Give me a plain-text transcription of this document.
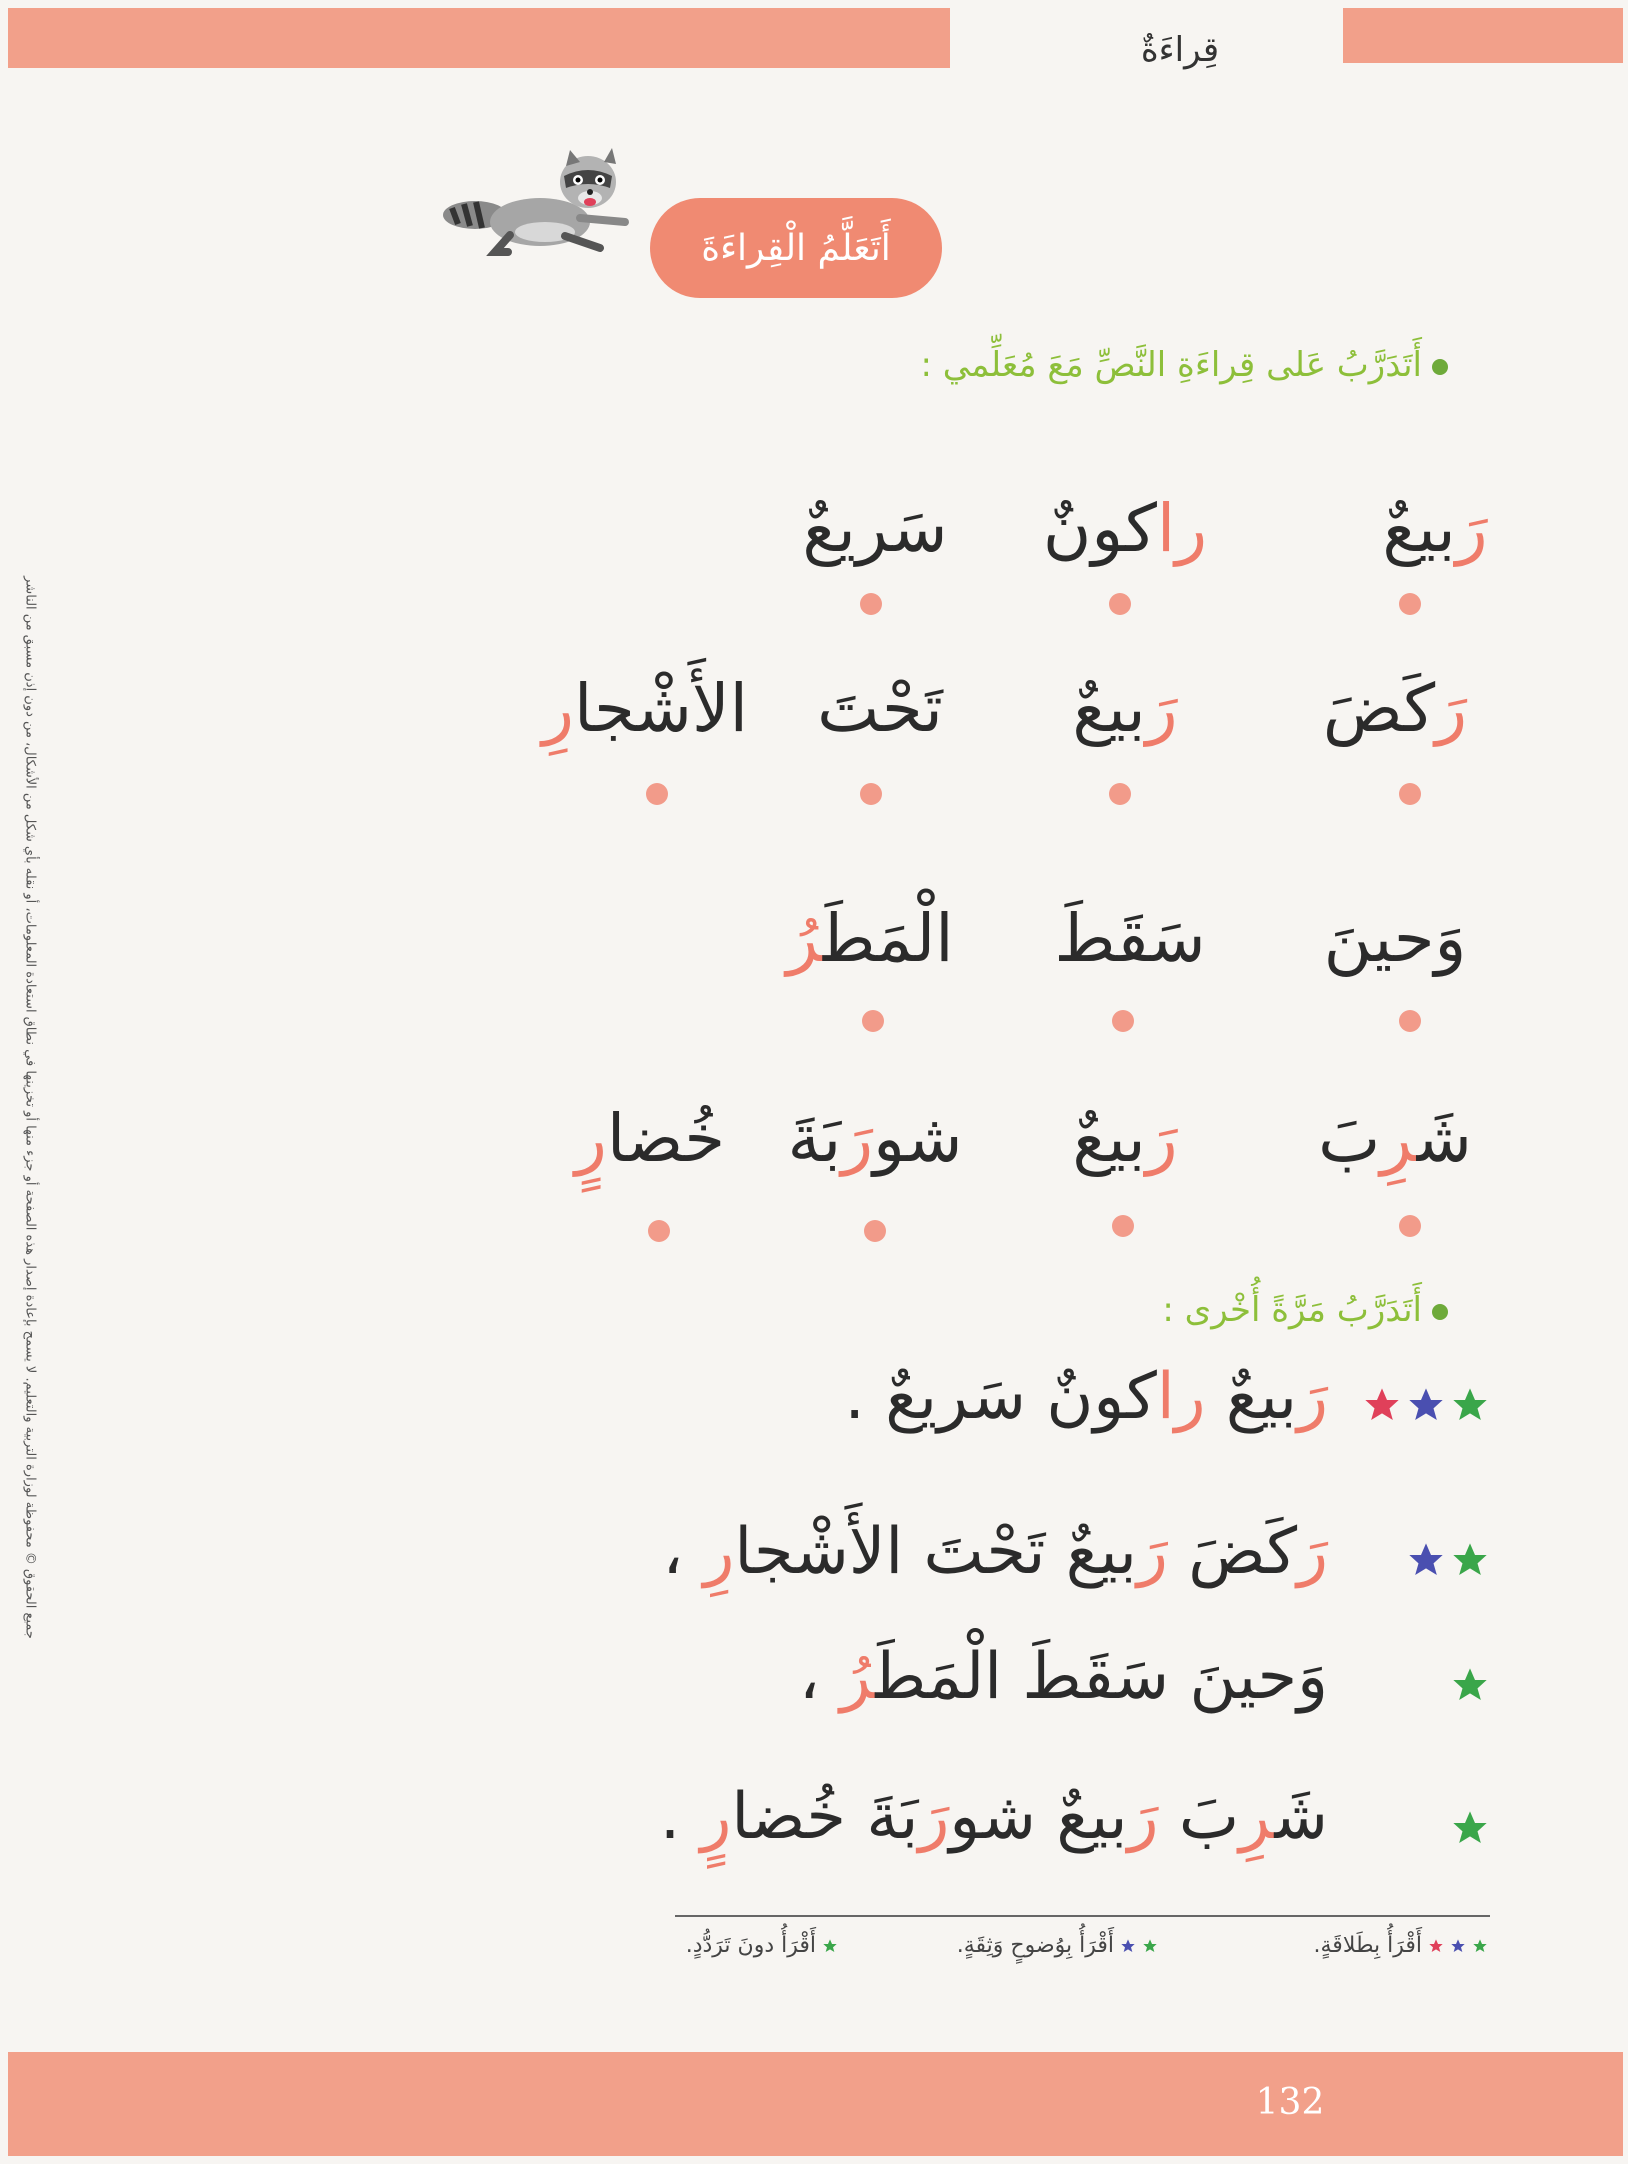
قِراءَةٌ
جميع الحقوق © محفوظة لوزارة التربية والتعليم. لا يسمح بإعادة إصدار هذه الصفحة أو جزء منها أو تخزينها في نطاق استعادة المعلومات، أو نقله بأي شكل من الأشكال، من دون إذن مسبق من الناشر
أَتَعَلَّمُ الْقِراءَةَ
أَتَدَرَّبُ عَلى قِراءَةِ النَّصِّ مَعَ مُعَلِّمي :
رَبيعٌ
راكونٌ
سَريعٌ
رَكَضَ
رَبيعٌ
تَحْتَ
الأَشْجارِ
وَحينَ
سَقَطَ
الْمَطَرُ
شَرِبَ
رَبيعٌ
شورَبَةَ
خُضارٍ
أَتَدَرَّبُ مَرَّةً أُخْرى :
رَبيعٌ راكونٌ سَريعٌ .
رَكَضَ رَبيعٌ تَحْتَ الأَشْجارِ ،
وَحينَ سَقَطَ الْمَطَرُ ،
شَرِبَ رَبيعٌ شورَبَةَ خُضارٍ .
أَقْرَأُ بِطَلاقَةٍ.
أَقْرَأُ بِوُضوحٍ وَثِقَةٍ.
أَقْرَأُ دونَ تَرَدُّدٍ.
132
